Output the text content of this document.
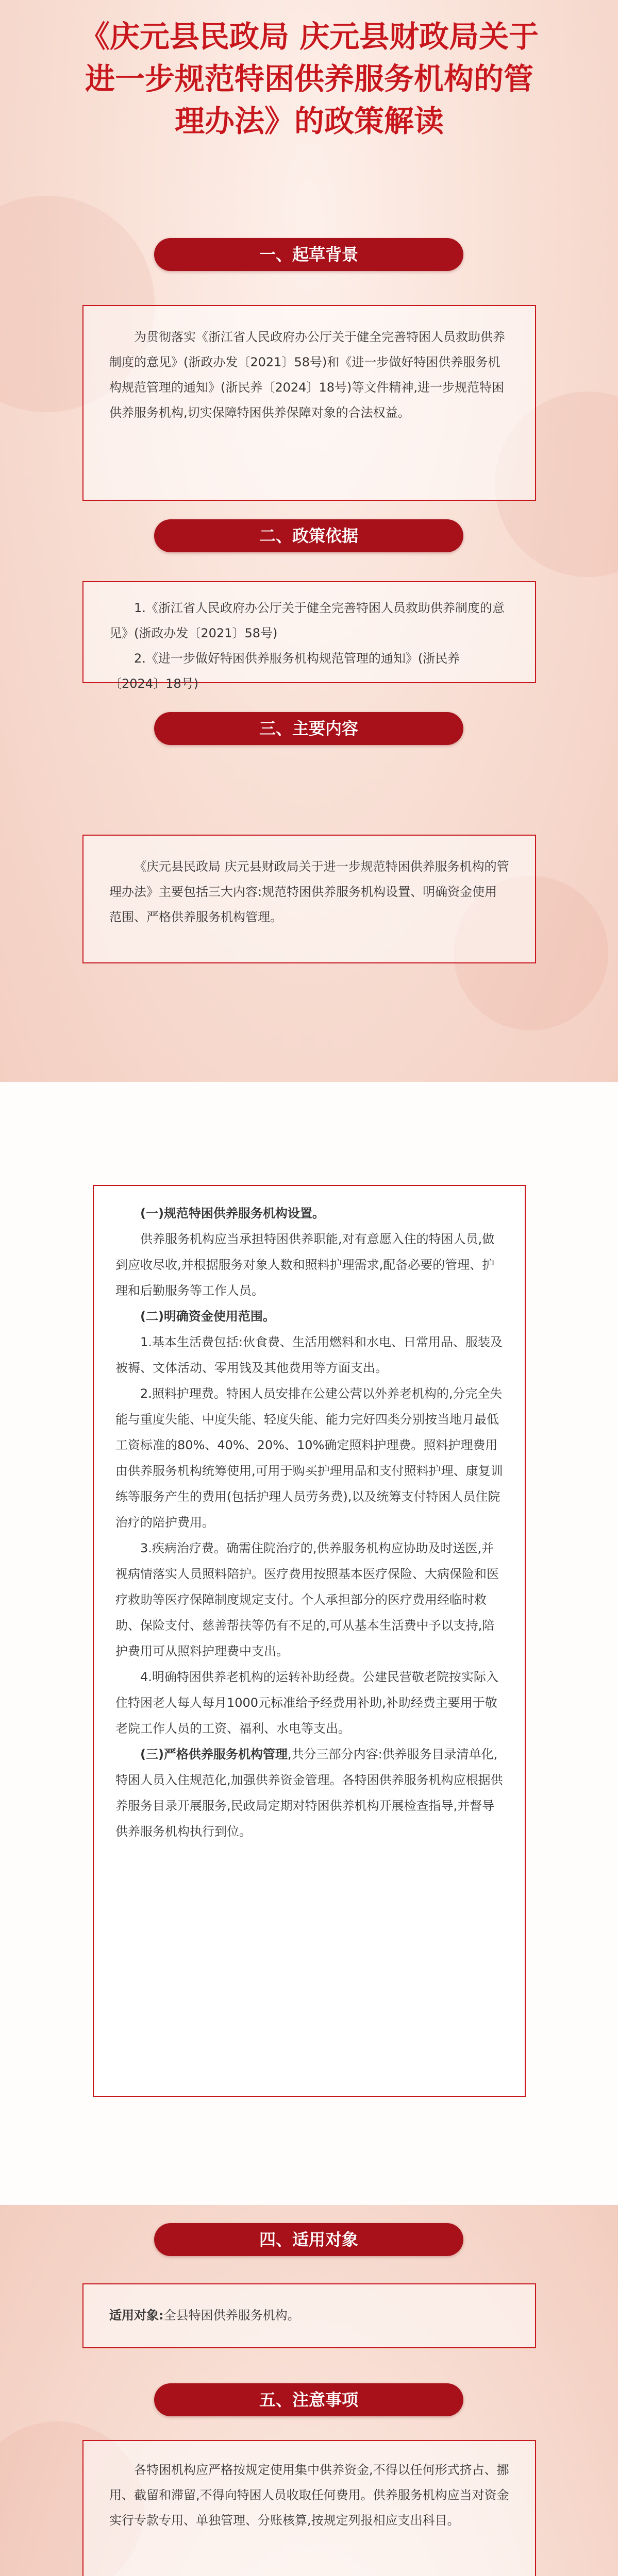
《庆元县民政局 庆元县财政局关于进一步规范特困供养服务机构的管理办法》的政策解读
一、起草背景

为贯彻落实《浙江省人民政府办公厅关于健全完善特困人员救助供养制度的意见》(浙政办发〔2021〕58号)和《进一步做好特困供养服务机构规范管理的通知》(浙民养〔2024〕18号)等文件精神,进一步规范特困供养服务机构,切实保障特困供养保障对象的合法权益。

二、政策依据

1.《浙江省人民政府办公厅关于健全完善特困人员救助供养制度的意见》(浙政办发〔2021〕58号)

2.《进一步做好特困供养服务机构规范管理的通知》(浙民养〔2024〕18号)

三、主要内容

《庆元县民政局 庆元县财政局关于进一步规范特困供养服务机构的管理办法》主要包括三大内容:规范特困供养服务机构设置、明确资金使用范围、严格供养服务机构管理。

(一)规范特困供养服务机构设置。

供养服务机构应当承担特困供养职能,对有意愿入住的特困人员,做到应收尽收,并根据服务对象人数和照料护理需求,配备必要的管理、护理和后勤服务等工作人员。

(二)明确资金使用范围。

1.基本生活费包括:伙食费、生活用燃料和水电、日常用品、服装及被褥、文体活动、零用钱及其他费用等方面支出。

2.照料护理费。特困人员安排在公建公营以外养老机构的,分完全失能与重度失能、中度失能、轻度失能、能力完好四类分别按当地月最低工资标准的80%、40%、20%、10%确定照料护理费。照料护理费用由供养服务机构统筹使用,可用于购买护理用品和支付照料护理、康复训练等服务产生的费用(包括护理人员劳务费),以及统筹支付特困人员住院治疗的陪护费用。

3.疾病治疗费。确需住院治疗的,供养服务机构应协助及时送医,并视病情落实人员照料陪护。医疗费用按照基本医疗保险、大病保险和医疗救助等医疗保障制度规定支付。个人承担部分的医疗费用经临时救助、保险支付、慈善帮扶等仍有不足的,可从基本生活费中予以支持,陪护费用可从照料护理费中支出。

4.明确特困供养老机构的运转补助经费。公建民营敬老院按实际入住特困老人每人每月1000元标准给予经费用补助,补助经费主要用于敬老院工作人员的工资、福利、水电等支出。

(三)严格供养服务机构管理,共分三部分内容:供养服务目录清单化,特困人员入住规范化,加强供养资金管理。各特困供养服务机构应根据供养服务目录开展服务,民政局定期对特困供养机构开展检查指导,并督导供养服务机构执行到位。

四、适用对象

适用对象:全县特困供养服务机构。

五、注意事项

各特困机构应严格按规定使用集中供养资金,不得以任何形式挤占、挪用、截留和滞留,不得向特困人员收取任何费用。供养服务机构应当对资金实行专款专用、单独管理、分账核算,按规定列报相应支出科目。
